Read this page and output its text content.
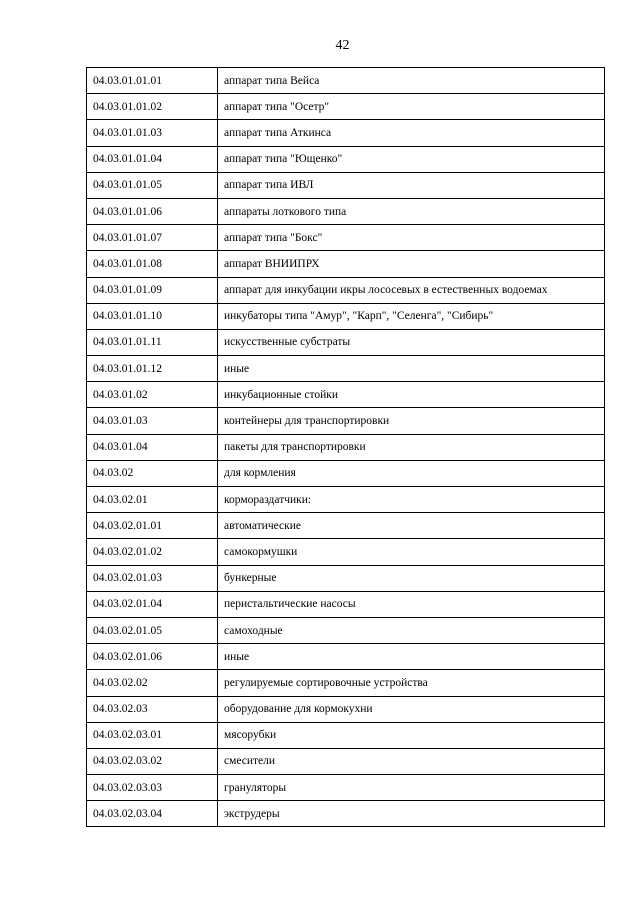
42
04.03.01.01.01	аппарат типа Вейса
04.03.01.01.02	аппарат типа "Осетр"
04.03.01.01.03	аппарат типа Аткинса
04.03.01.01.04	аппарат типа "Ющенко"
04.03.01.01.05	аппарат типа ИВЛ
04.03.01.01.06	аппараты лоткового типа
04.03.01.01.07	аппарат типа "Бокс"
04.03.01.01.08	аппарат ВНИИПРХ
04.03.01.01.09	аппарат для инкубации икры лососевых в естественных водоемах
04.03.01.01.10	инкубаторы типа "Амур", "Карп", "Селенга", "Сибирь"
04.03.01.01.11	искусственные субстраты
04.03.01.01.12	иные
04.03.01.02	инкубационные стойки
04.03.01.03	контейнеры для транспортировки
04.03.01.04	пакеты для транспортировки
04.03.02	для кормления
04.03.02.01	кормораздатчики:
04.03.02.01.01	автоматические
04.03.02.01.02	самокормушки
04.03.02.01.03	бункерные
04.03.02.01.04	перистальтические насосы
04.03.02.01.05	самоходные
04.03.02.01.06	иные
04.03.02.02	регулируемые сортировочные устройства
04.03.02.03	оборудование для кормокухни
04.03.02.03.01	мясорубки
04.03.02.03.02	смесители
04.03.02.03.03	грануляторы
04.03.02.03.04	экструдеры
